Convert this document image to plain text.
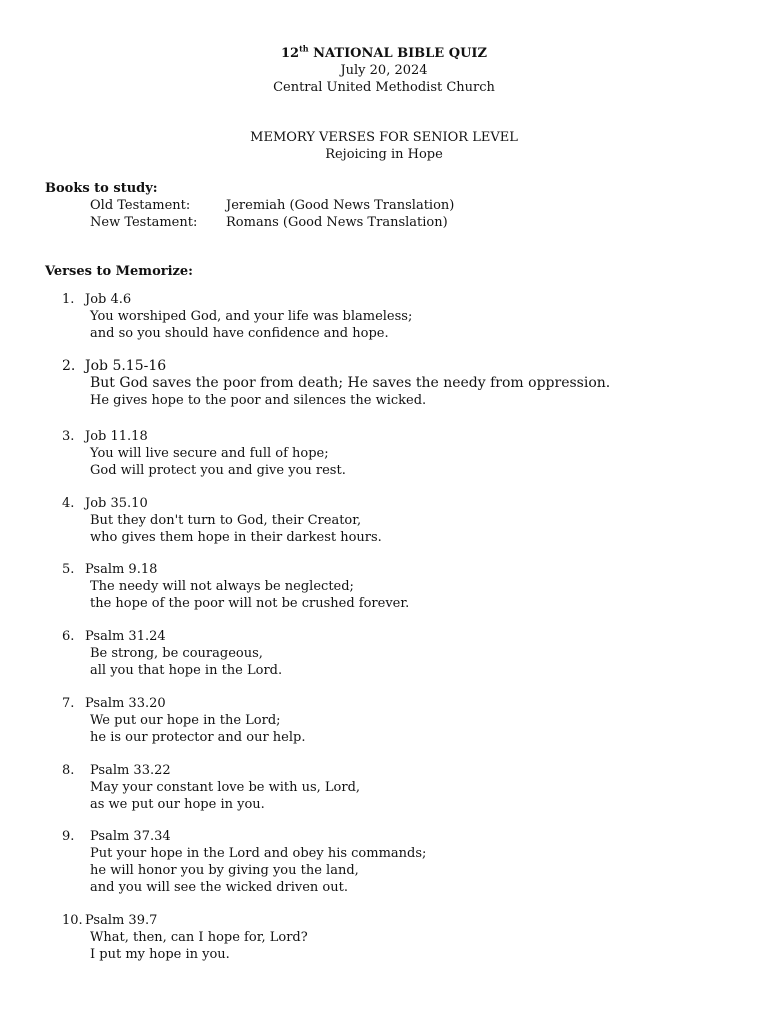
12th NATIONAL BIBLE QUIZ
July 20, 2024
Central United Methodist Church
MEMORY VERSES FOR SENIOR LEVEL
Rejoicing in Hope
Books to study:
Old Testament:	Jeremiah (Good News Translation)
New Testament:	Romans (Good News Translation)
Verses to Memorize:
1. Job 4.6
You worshiped God, and your life was blameless;
and so you should have confidence and hope.
2. Job 5.15-16
But God saves the poor from death; He saves the needy from oppression.
He gives hope to the poor and silences the wicked.
3. Job 11.18
You will live secure and full of hope;
God will protect you and give you rest.
4. Job 35.10
But they don't turn to God, their Creator,
who gives them hope in their darkest hours.
5. Psalm 9.18
The needy will not always be neglected;
the hope of the poor will not be crushed forever.
6. Psalm 31.24
Be strong, be courageous,
all you that hope in the Lord.
7. Psalm 33.20
We put our hope in the Lord;
he is our protector and our help.
8.	Psalm 33.22
May your constant love be with us, Lord,
as we put our hope in you.
9.	Psalm 37.34
Put your hope in the Lord and obey his commands;
he will honor you by giving you the land,
and you will see the wicked driven out.
10. Psalm 39.7
What, then, can I hope for, Lord?
I put my hope in you.
